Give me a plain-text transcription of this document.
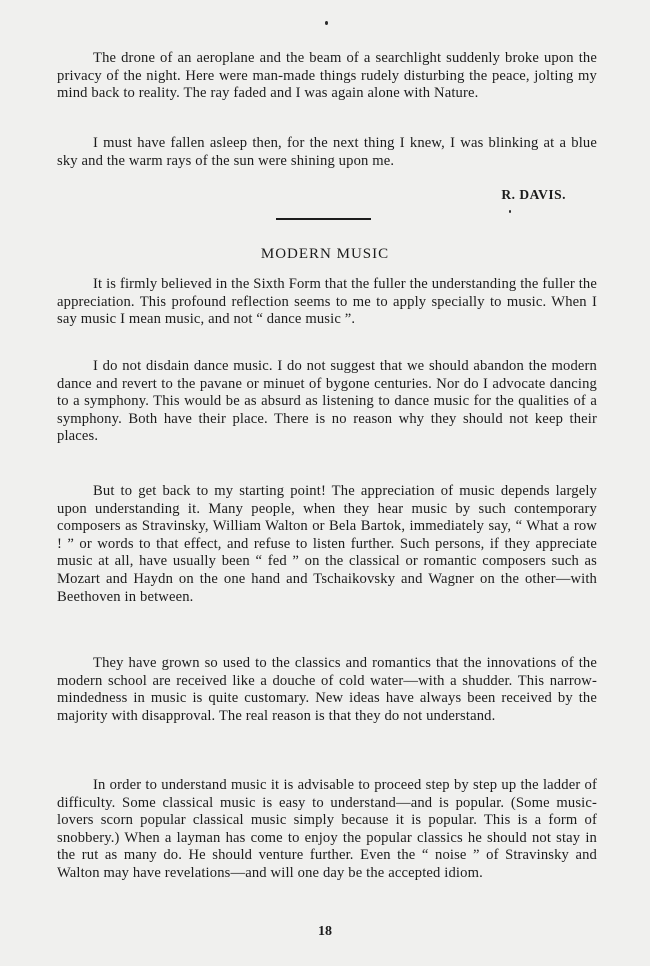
The drone of an aeroplane and the beam of a searchlight suddenly broke upon the privacy of the night. Here were man-made things rudely disturbing the peace, jolting my mind back to reality. The ray faded and I was again alone with Nature.

I must have fallen asleep then, for the next thing I knew, I was blinking at a blue sky and the warm rays of the sun were shining upon me.

R. DAVIS.
MODERN MUSIC

It is firmly believed in the Sixth Form that the fuller the understanding the fuller the appreciation. This profound reflection seems to me to apply specially to music. When I say music I mean music, and not “ dance music ”.

I do not disdain dance music. I do not suggest that we should abandon the modern dance and revert to the pavane or minuet of bygone centuries. Nor do I advocate dancing to a symphony. This would be as absurd as listening to dance music for the qualities of a symphony. Both have their place. There is no reason why they should not keep their places.

But to get back to my starting point! The appreciation of music depends largely upon understanding it. Many people, when they hear music by such contemporary composers as Stravinsky, William Walton or Bela Bartok, immediately say, “ What a row ! ” or words to that effect, and refuse to listen further. Such persons, if they appreciate music at all, have usually been “ fed ” on the classical or romantic composers such as Mozart and Haydn on the one hand and Tschaikovsky and Wagner on the other—with Beethoven in between.

They have grown so used to the classics and romantics that the innovations of the modern school are received like a douche of cold water—with a shudder. This narrow-mindedness in music is quite customary. New ideas have always been received by the majority with disapproval. The real reason is that they do not understand.

In order to understand music it is advisable to proceed step by step up the ladder of difficulty. Some classical music is easy to understand—and is popular. (Some music-lovers scorn popular classical music simply because it is popular. This is a form of snobbery.) When a layman has come to enjoy the popular classics he should not stay in the rut as many do. He should venture further. Even the “ noise ” of Stravinsky and Walton may have revelations—and will one day be the accepted idiom.

18
